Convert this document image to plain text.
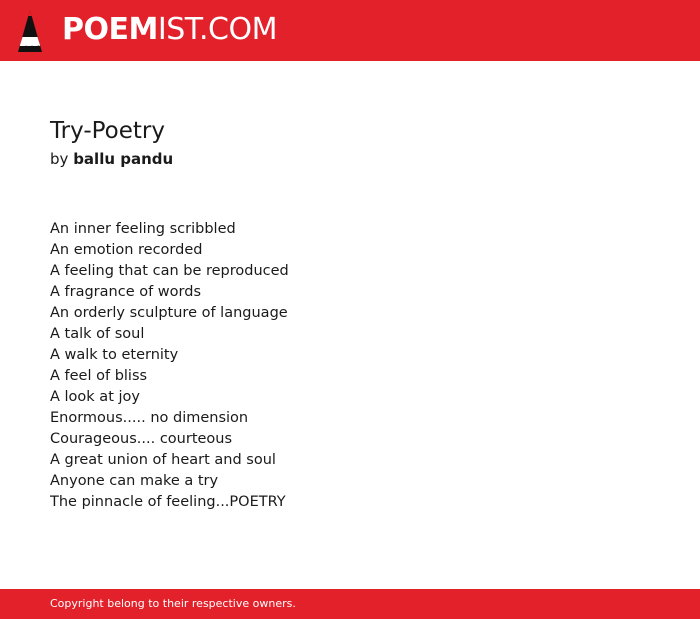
POEMIST.COM
Try-Poetry
by ballu pandu
An inner feeling scribbled
An emotion recorded
A feeling that can be reproduced
A fragrance of words
An orderly sculpture of language
A talk of soul
A walk to eternity
A feel of bliss
A look at joy
Enormous..... no dimension
Courageous.... courteous
A great union of heart and soul
Anyone can make a try
The pinnacle of feeling...POETRY
Copyright belong to their respective owners.
